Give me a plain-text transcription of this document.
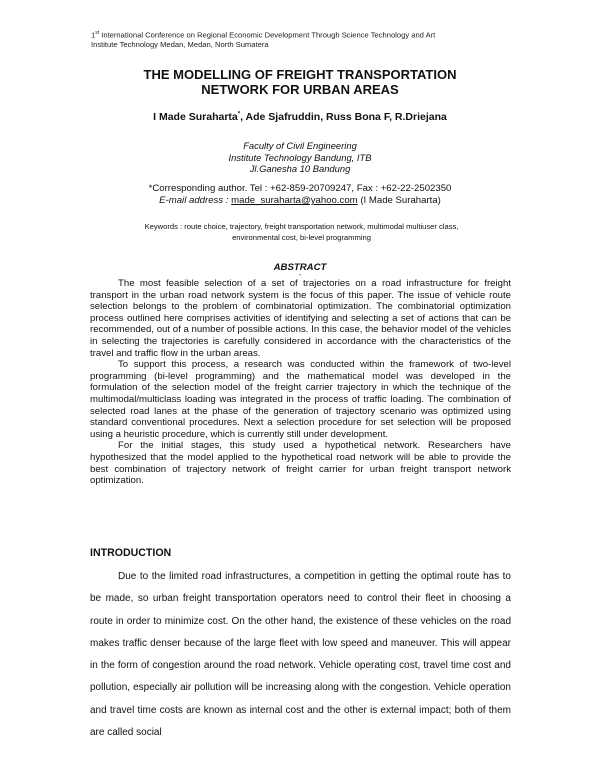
1st International Conference on Regional Economic Development Through Science Technology and Art
Institute Technology Medan, Medan, North Sumatera
THE MODELLING OF FREIGHT TRANSPORTATION
NETWORK FOR URBAN AREAS
I Made Suraharta*, Ade Sjafruddin, Russ Bona F, R.Driejana
Faculty of Civil Engineering
Institute Technology Bandung, ITB
Jl.Ganesha 10 Bandung
*Corresponding author. Tel : +62-859-20709247, Fax : +62-22-2502350
E-mail address : made_suraharta@yahoo.com (I Made Suraharta)
Keywords : route choice, trajectory, freight transportation network, multimodal multiuser class,
environmental cost, bi-level programming
ABSTRACT
-

The most feasible selection of a set of trajectories on a road infrastructure for freight transport in the urban road network system is the focus of this paper. The issue of vehicle route selection belongs to the problem of combinatorial optimization. The combinatorial optimization process outlined here comprises activities of identifying and selecting a set of actions that can be recommended, out of a number of possible actions. In this case, the behavior model of the vehicles in selecting the trajectories is carefully considered in accordance with the characteristics of the travel and traffic flow in the urban areas.

To support this process, a research was conducted within the framework of two-level programming (bi-level programming) and the mathematical model was developed in the formulation of the selection model of the freight carrier trajectory in which the technique of the multimodal/multiclass loading was integrated in the process of traffic loading. The combination of selected road lanes at the phase of the generation of trajectory scenario was optimized using standard conventional procedures. Next a selection procedure for set selection will be proposed using a heuristic procedure, which is currently still under development.

For the initial stages, this study used a hypothetical network. Researchers have hypothesized that the model applied to the hypothetical road network will be able to provide the best combination of trajectory network of freight carrier for urban freight transport network optimization.

INTRODUCTION

Due to the limited road infrastructures, a competition in getting the optimal route has to be made, so urban freight transportation operators need to control their fleet in choosing a route in order to minimize cost. On the other hand, the existence of these vehicles on the road makes traffic denser because of the large fleet with low speed and maneuver. This will appear in the form of congestion around the road network. Vehicle operating cost, travel time cost and pollution, especially air pollution will be increasing along with the congestion. Vehicle operation and travel time costs are known as internal cost and the other is external impact; both of them are called social
